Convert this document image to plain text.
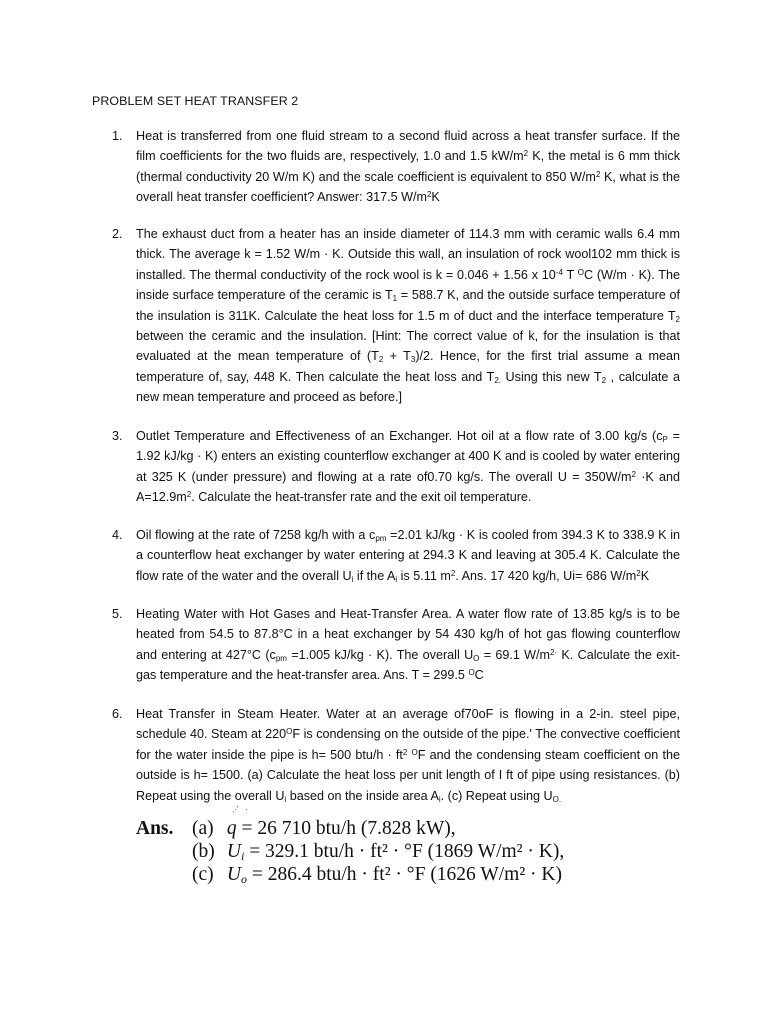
PROBLEM SET HEAT TRANSFER 2
1.	Heat is transferred from one fluid stream to a second fluid across a heat transfer surface. If the film coefficients for the two fluids are, respectively, 1.0 and 1.5 $kW/m^2$ K, the metal is 6 mm thick (thermal conductivity 20 W/m K) and the scale coefficient is equivalent to 850 $W/m^2$ K, what is the overall heat transfer coefficient? Answer: 317.5 $W/m^2K$
2.	The exhaust duct from a heater has an inside diameter of 114.3 mm with ceramic walls 6.4 mm thick. The average k = 1.52 W/m · K. Outside this wall, an insulation of rock wool102 mm thick is installed. The thermal conductivity of the rock wool is k = 0.046 + 1.56 x $10^{-4}$ T $^O$C (W/m · K). The inside surface temperature of the ceramic is $T_1 = 588.7$ K, and the outside surface temperature of the insulation is 311K. Calculate the heat loss for 1.5 m of duct and the interface temperature $T_2$ between the ceramic and the insulation. [Hint: The correct value of k, for the insulation is that evaluated at the mean temperature of $(T_2 + T_3)/2$. Hence, for the first trial assume a mean temperature of, say, 448 K. Then calculate the heat loss and $T_{2.}$ Using this new $T_2$ , calculate a new mean temperature and proceed as before.]
3.	Outlet Temperature and Effectiveness of an Exchanger. Hot oil at a flow rate of 3.00 kg/s ($c_P = 1.92$ kJ/kg · K) enters an existing counterflow exchanger at 400 K and is cooled by water entering at 325 K (under pressure) and flowing at a rate of0.70 kg/s. The overall $U = 350W/m^2 \cdot K$ and $A=12.9m^2$. Calculate the heat-transfer rate and the exit oil temperature.
4.	Oil flowing at the rate of 7258 kg/h with a $c_{pm} =2.01$ kJ/kg · K is cooled from 394.3 K to 338.9 K in a counterflow heat exchanger by water entering at 294.3 K and leaving at 305.4 K. Calculate the flow rate of the water and the overall $U_i$ if the $A_i$ is 5.11 $m^2$. Ans. 17 420 kg/h, Ui= 686 $W/m^2K$
5.	Heating Water with Hot Gases and Heat-Transfer Area. A water flow rate of 13.85 kg/s is to be heated from 54.5 to 87.8°C in a heat exchanger by 54 430 kg/h of hot gas flowing counterflow and entering at 427°C ($c_{pm} =1.005$ kJ/kg · K). The overall $U_O = 69.1$ $W/m^{2\cdot}$ K. Calculate the exit-gas temperature and the heat-transfer area. Ans. T = 299.5 $^O$C
6.	Heat Transfer in Steam Heater. Water at an average of70oF is flowing in a 2-in. steel pipe, schedule 40. Steam at $220^OF$ is condensing on the outside of the pipe.' The convective coefficient for the water inside the pipe is h= 500 $btu/h \cdot ft^2$ $^O$F and the condensing steam coefficient on the outside is h= 1500. (a) Calculate the heat loss per unit length of I ft of pipe using resistances. (b) Repeat using the overall $U_i$ based on the inside area $A_i$. (c) Repeat using $U_{O.}$
,·'   ·
Ans. (a) q = 26 710 btu/h (7.828 kW),
(b) $U_i = 329.1$ btu/h · ft² · °F (1869 W/m² · K),
(c) $U_o = 286.4$ btu/h · ft² · °F (1626 W/m² · K)
